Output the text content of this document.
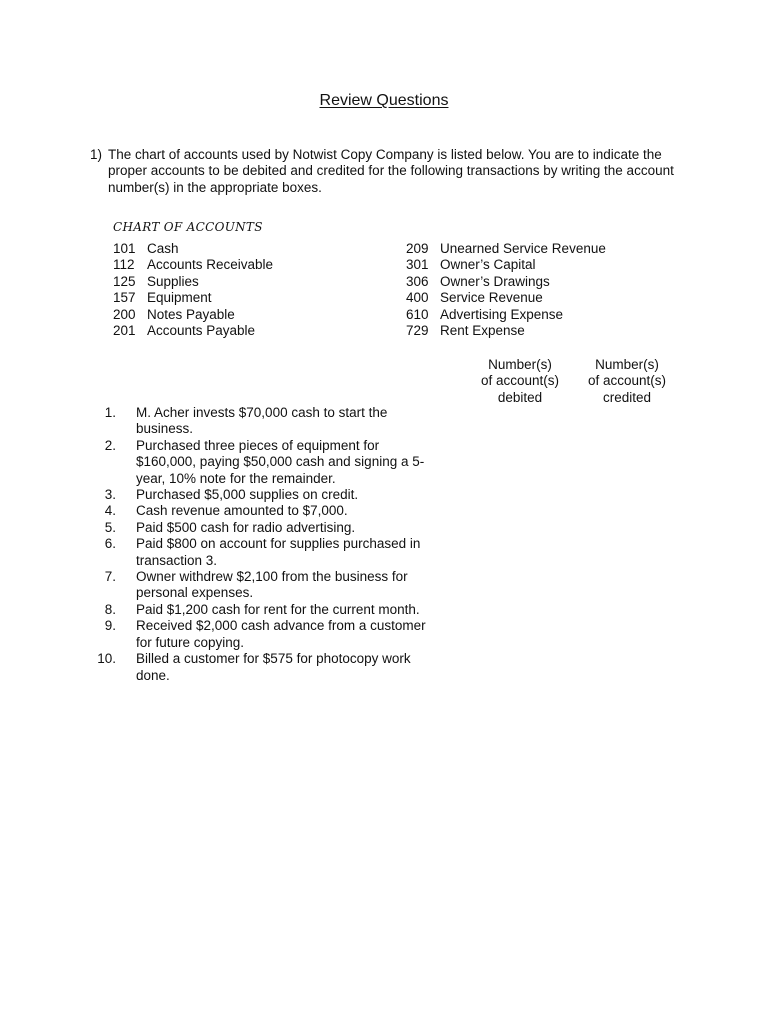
Review Questions
1) The chart of accounts used by Notwist Copy Company is listed below. You are to indicate the proper accounts to be debited and credited for the following transactions by writing the account number(s) in the appropriate boxes.
CHART OF ACCOUNTS
101 Cash
112 Accounts Receivable
125 Supplies
157 Equipment
200 Notes Payable
201 Accounts Payable
209 Unearned Service Revenue
301 Owner’s Capital
306 Owner’s Drawings
400 Service Revenue
610 Advertising Expense
729 Rent Expense
Number(s)
of account(s)
debited
Number(s)
of account(s)
credited
1. M. Acher invests $70,000 cash to start the business.
2. Purchased three pieces of equipment for $160,000, paying $50,000 cash and signing a 5-year, 10% note for the remainder.
3. Purchased $5,000 supplies on credit.
4. Cash revenue amounted to $7,000.
5. Paid $500 cash for radio advertising.
6. Paid $800 on account for supplies purchased in transaction 3.
7. Owner withdrew $2,100 from the business for personal expenses.
8. Paid $1,200 cash for rent for the current month.
9. Received $2,000 cash advance from a customer for future copying.
10. Billed a customer for $575 for photocopy work done.
